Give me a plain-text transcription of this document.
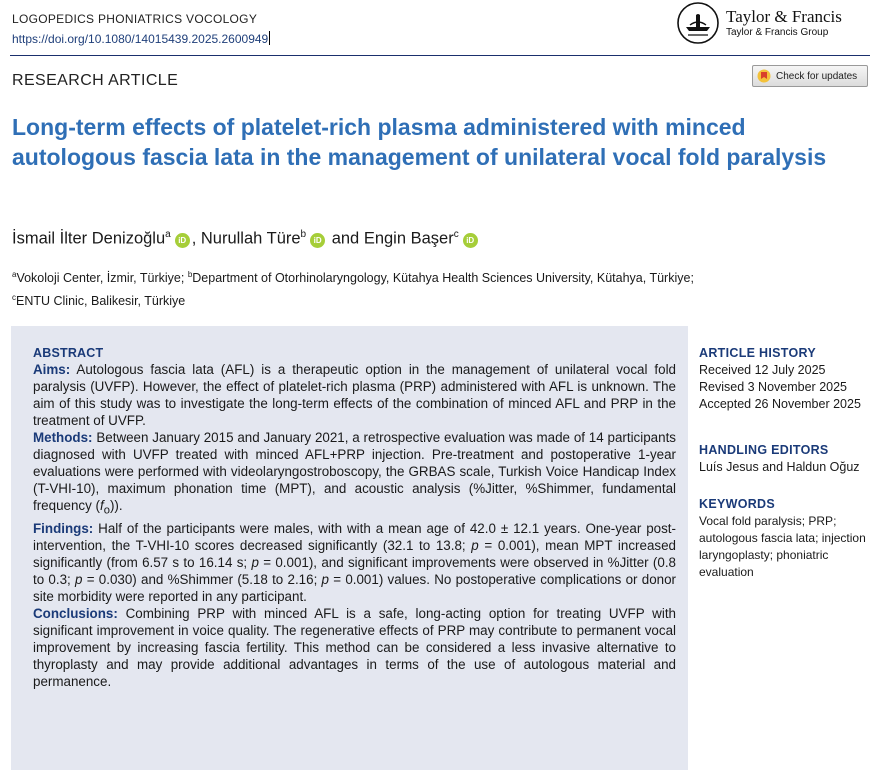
LOGOPEDICS PHONIATRICS VOCOLOGY
https://doi.org/10.1080/14015439.2025.2600949
Taylor & Francis
Taylor & Francis Group
RESEARCH ARTICLE	Check for updates
Long-term effects of platelet-rich plasma administered with minced autologous fascia lata in the management of unilateral vocal fold paralysis
İsmail İlter Denizoğlu$^a$ iD , Nurullah Türe$^b$ iD and Engin Başer$^c$ iD
$^a$Vokoloji Center, İzmir, Türkiye; $^b$Department of Otorhinolaryngology, Kütahya Health Sciences University, Kütahya, Türkiye;
$^c$ENTU Clinic, Balikesir, Türkiye
ABSTRACT

Aims: Autologous fascia lata (AFL) is a therapeutic option in the management of unilateral vocal fold paralysis (UVFP). However, the effect of platelet-rich plasma (PRP) administered with AFL is unknown. The aim of this study was to investigate the long-term effects of the combination of minced AFL and PRP in the treatment of UVFP.

Methods: Between January 2015 and January 2021, a retrospective evaluation was made of 14 participants diagnosed with UVFP treated with minced AFL+PRP injection. Pre-treatment and postoperative 1-year evaluations were performed with videolaryngostroboscopy, the GRBAS scale, Turkish Voice Handicap Index (T-VHI-10), maximum phonation time (MPT), and acoustic analysis (%Jitter, %Shimmer, fundamental frequency $(f_o)$).

Findings: Half of the participants were males, with with a mean age of 42.0 ± 12.1 years. One-year post-intervention, the T-VHI-10 scores decreased significantly (32.1 to 13.8; p = 0.001), mean MPT increased significantly (from 6.57 s to 16.14 s; p = 0.001), and significant improvements were observed in %Jitter (0.8 to 0.3; p = 0.030) and %Shimmer (5.18 to 2.16; p = 0.001) values. No postoperative complications or donor site morbidity were reported in any participant.

Conclusions: Combining PRP with minced AFL is a safe, long-acting option for treating UVFP with significant improvement in voice quality. The regenerative effects of PRP may contribute to permanent vocal improvement by increasing fascia fertility. This method can be considered a less invasive alternative to thyroplasty and may provide additional advantages in terms of the use of autologous material and permanence.

ARTICLE HISTORY
Received 12 July 2025
Revised 3 November 2025
Accepted 26 November 2025
HANDLING EDITORS
Luís Jesus and Haldun Oğuz
KEYWORDS
Vocal fold paralysis; PRP; autologous fascia lata; injection laryngoplasty; phoniatric evaluation
